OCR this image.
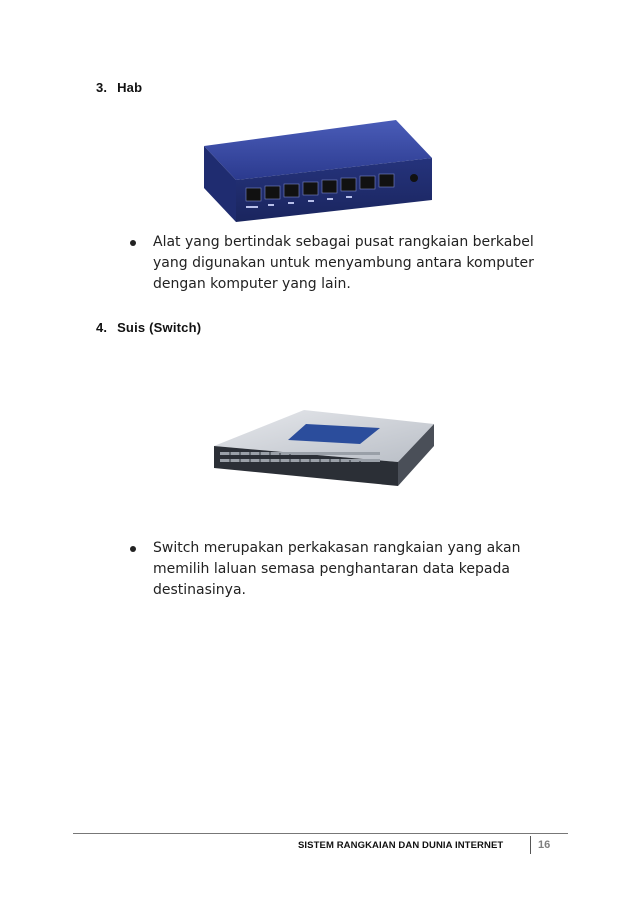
3. Hab
Alat yang bertindak sebagai pusat rangkaian berkabel yang digunakan untuk menyambung antara komputer dengan komputer yang lain.
4. Suis (Switch)
Switch merupakan perkakasan rangkaian yang akan memilih laluan semasa penghantaran data kepada destinasinya.
SISTEM RANGKAIAN DAN DUNIA INTERNET	16
